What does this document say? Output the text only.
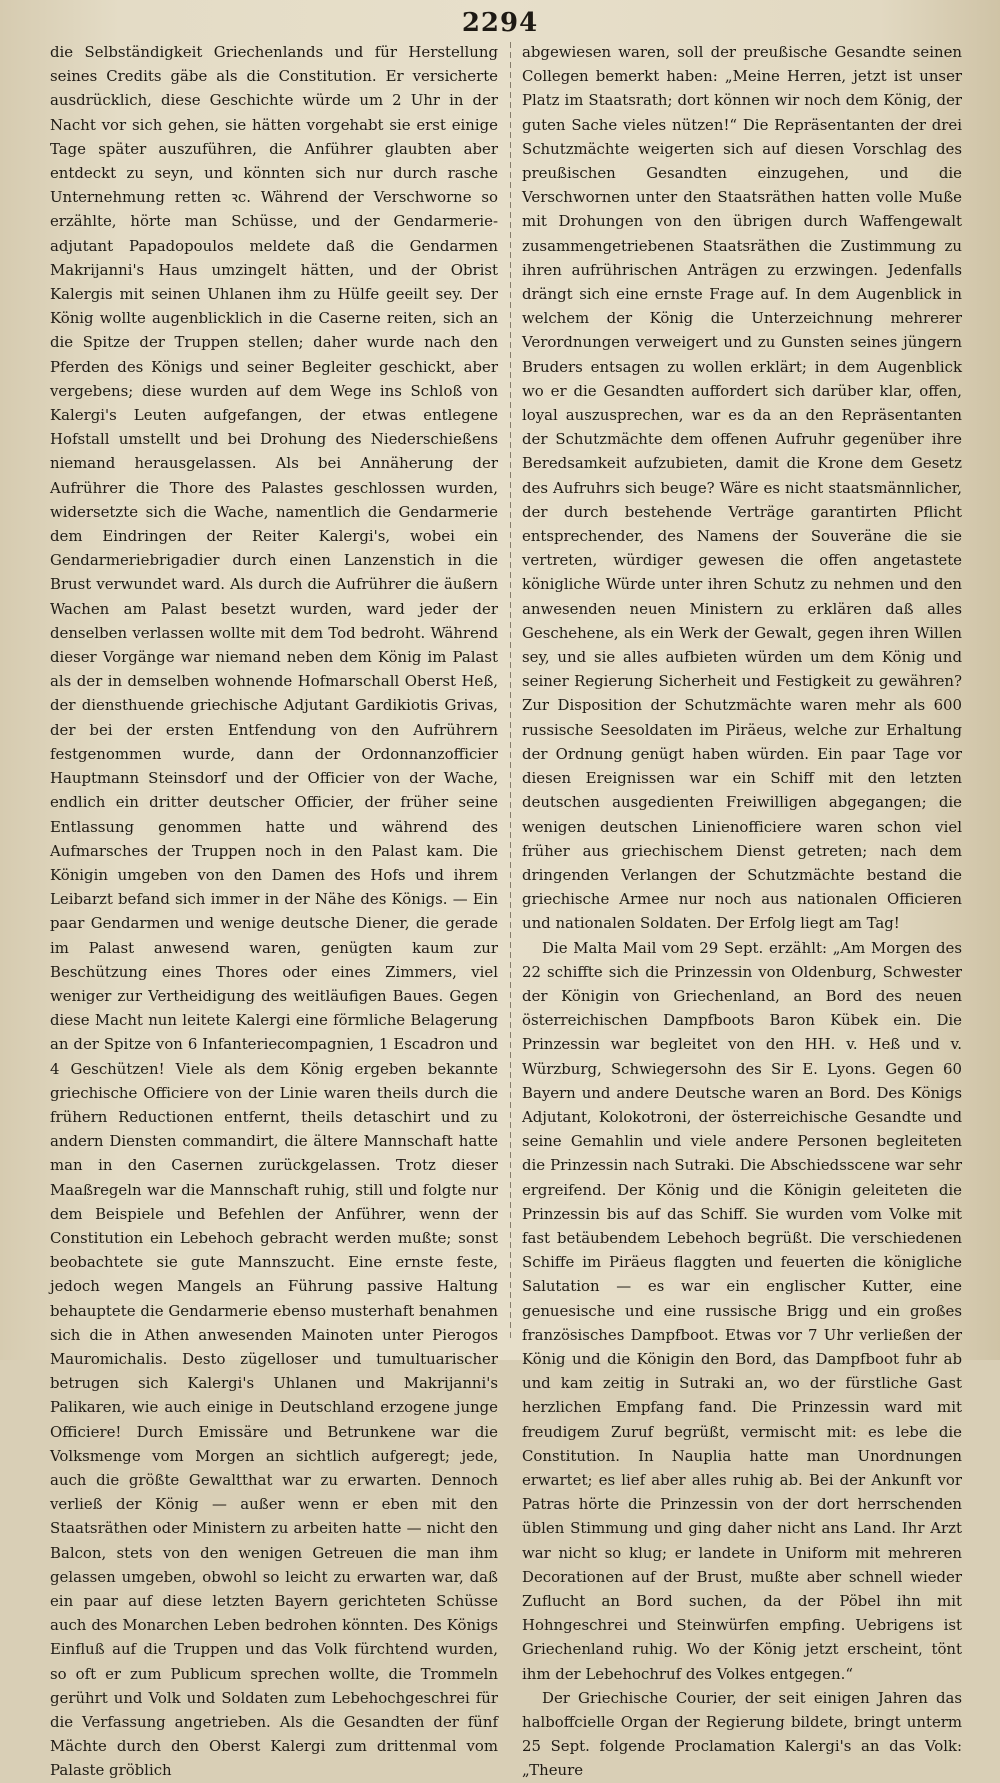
2294

die Selbständigkeit Griechenlands und für Herstellung seines Credits gäbe als die Constitution. Er versicherte ausdrücklich, diese Geschichte würde um 2 Uhr in der Nacht vor sich gehen, sie hätten vorgehabt sie erst einige Tage später auszuführen, die Anführer glaubten aber entdeckt zu seyn, und könnten sich nur durch rasche Unternehmung retten ꝛc. Während der Verschworne so erzählte, hörte man Schüsse, und der Gendarmerie-adjutant Papadopoulos meldete daß die Gendarmen Makrijanni's Haus umzingelt hätten, und der Obrist Kalergis mit seinen Uhlanen ihm zu Hülfe geeilt sey. Der König wollte augenblicklich in die Caserne reiten, sich an die Spitze der Truppen stellen; daher wurde nach den Pferden des Königs und seiner Begleiter geschickt, aber vergebens; diese wurden auf dem Wege ins Schloß von Kalergi's Leuten aufgefangen, der etwas entlegene Hofstall umstellt und bei Drohung des Niederschießens niemand herausgelassen. Als bei Annäherung der Aufrührer die Thore des Palastes geschlossen wurden, widersetzte sich die Wache, namentlich die Gendarmerie dem Eindringen der Reiter Kalergi's, wobei ein Gendarmeriebrigadier durch einen Lanzenstich in die Brust verwundet ward. Als durch die Aufrührer die äußern Wachen am Palast besetzt wurden, ward jeder der denselben verlassen wollte mit dem Tod bedroht. Während dieser Vorgänge war niemand neben dem König im Palast als der in demselben wohnende Hofmarschall Oberst Heß, der diensthuende griechische Adjutant Gardikiotis Grivas, der bei der ersten Entfendung von den Aufrührern festgenommen wurde, dann der Ordonnanzofficier Hauptmann Steinsdorf und der Officier von der Wache, endlich ein dritter deutscher Officier, der früher seine Entlassung genommen hatte und während des Aufmarsches der Truppen noch in den Palast kam. Die Königin umgeben von den Damen des Hofs und ihrem Leibarzt befand sich immer in der Nähe des Königs. — Ein paar Gendarmen und wenige deutsche Diener, die gerade im Palast anwesend waren, genügten kaum zur Beschützung eines Thores oder eines Zimmers, viel weniger zur Vertheidigung des weitläufigen Baues. Gegen diese Macht nun leitete Kalergi eine förmliche Belagerung an der Spitze von 6 Infanteriecompagnien, 1 Escadron und 4 Geschützen! Viele als dem König ergeben bekannte griechische Officiere von der Linie waren theils durch die frühern Reductionen entfernt, theils detaschirt und zu andern Diensten commandirt, die ältere Mannschaft hatte man in den Casernen zurückgelassen. Trotz dieser Maaßregeln war die Mannschaft ruhig, still und folgte nur dem Beispiele und Befehlen der Anführer, wenn der Constitution ein Lebehoch gebracht werden mußte; sonst beobachtete sie gute Mannszucht. Eine ernste feste, jedoch wegen Mangels an Führung passive Haltung behauptete die Gendarmerie ebenso musterhaft benahmen sich die in Athen anwesenden Mainoten unter Pierogos Mauromichalis. Desto zügelloser und tumultuarischer betrugen sich Kalergi's Uhlanen und Makrijanni's Palikaren, wie auch einige in Deutschland erzogene junge Officiere! Durch Emissäre und Betrunkene war die Volksmenge vom Morgen an sichtlich aufgeregt; jede, auch die größte Gewaltthat war zu erwarten. Dennoch verließ der König — außer wenn er eben mit den Staatsräthen oder Ministern zu arbeiten hatte — nicht den Balcon, stets von den wenigen Getreuen die man ihm gelassen umgeben, obwohl so leicht zu erwarten war, daß ein paar auf diese letzten Bayern gerichteten Schüsse auch des Monarchen Leben bedrohen könnten. Des Königs Einfluß auf die Truppen und das Volk fürchtend wurden, so oft er zum Publicum sprechen wollte, die Trommeln gerührt und Volk und Soldaten zum Lebehochgeschrei für die Verfassung angetrieben. Als die Gesandten der fünf Mächte durch den Oberst Kalergi zum drittenmal vom Palaste gröblich

abgewiesen waren, soll der preußische Gesandte seinen Collegen bemerkt haben: „Meine Herren, jetzt ist unser Platz im Staatsrath; dort können wir noch dem König, der guten Sache vieles nützen!“ Die Repräsentanten der drei Schutzmächte weigerten sich auf diesen Vorschlag des preußischen Gesandten einzugehen, und die Verschwornen unter den Staatsräthen hatten volle Muße mit Drohungen von den übrigen durch Waffengewalt zusammengetriebenen Staatsräthen die Zustimmung zu ihren aufrührischen Anträgen zu erzwingen. Jedenfalls drängt sich eine ernste Frage auf. In dem Augenblick in welchem der König die Unterzeichnung mehrerer Verordnungen verweigert und zu Gunsten seines jüngern Bruders entsagen zu wollen erklärt; in dem Augenblick wo er die Gesandten auffordert sich darüber klar, offen, loyal auszusprechen, war es da an den Repräsentanten der Schutzmächte dem offenen Aufruhr gegenüber ihre Beredsamkeit aufzubieten, damit die Krone dem Gesetz des Aufruhrs sich beuge? Wäre es nicht staatsmännlicher, der durch bestehende Verträge garantirten Pflicht entsprechender, des Namens der Souveräne die sie vertreten, würdiger gewesen die offen angetastete königliche Würde unter ihren Schutz zu nehmen und den anwesenden neuen Ministern zu erklären daß alles Geschehene, als ein Werk der Gewalt, gegen ihren Willen sey, und sie alles aufbieten würden um dem König und seiner Regierung Sicherheit und Festigkeit zu gewähren? Zur Disposition der Schutzmächte waren mehr als 600 russische Seesoldaten im Piräeus, welche zur Erhaltung der Ordnung genügt haben würden. Ein paar Tage vor diesen Ereignissen war ein Schiff mit den letzten deutschen ausgedienten Freiwilligen abgegangen; die wenigen deutschen Linienofficiere waren schon viel früher aus griechischem Dienst getreten; nach dem dringenden Verlangen der Schutzmächte bestand die griechische Armee nur noch aus nationalen Officieren und nationalen Soldaten. Der Erfolg liegt am Tag!

Die Malta Mail vom 29 Sept. erzählt: „Am Morgen des 22 schiffte sich die Prinzessin von Oldenburg, Schwester der Königin von Griechenland, an Bord des neuen österreichischen Dampfboots Baron Kübek ein. Die Prinzessin war begleitet von den HH. v. Heß und v. Würzburg, Schwiegersohn des Sir E. Lyons. Gegen 60 Bayern und andere Deutsche waren an Bord. Des Königs Adjutant, Kolokotroni, der österreichische Gesandte und seine Gemahlin und viele andere Personen begleiteten die Prinzessin nach Sutraki. Die Abschiedsscene war sehr ergreifend. Der König und die Königin geleiteten die Prinzessin bis auf das Schiff. Sie wurden vom Volke mit fast betäubendem Lebehoch begrüßt. Die verschiedenen Schiffe im Piräeus flaggten und feuerten die königliche Salutation — es war ein englischer Kutter, eine genuesische und eine russische Brigg und ein großes französisches Dampfboot. Etwas vor 7 Uhr verließen der König und die Königin den Bord, das Dampfboot fuhr ab und kam zeitig in Sutraki an, wo der fürstliche Gast herzlichen Empfang fand. Die Prinzessin ward mit freudigem Zuruf begrüßt, vermischt mit: es lebe die Constitution. In Nauplia hatte man Unordnungen erwartet; es lief aber alles ruhig ab. Bei der Ankunft vor Patras hörte die Prinzessin von der dort herrschenden üblen Stimmung und ging daher nicht ans Land. Ihr Arzt war nicht so klug; er landete in Uniform mit mehreren Decorationen auf der Brust, mußte aber schnell wieder Zuflucht an Bord suchen, da der Pöbel ihn mit Hohngeschrei und Steinwürfen empfing. Uebrigens ist Griechenland ruhig. Wo der König jetzt erscheint, tönt ihm der Lebehochruf des Volkes entgegen.“

Der Griechische Courier, der seit einigen Jahren das halboffcielle Organ der Regierung bildete, bringt unterm 25 Sept. folgende Proclamation Kalergi's an das Volk: „Theure
